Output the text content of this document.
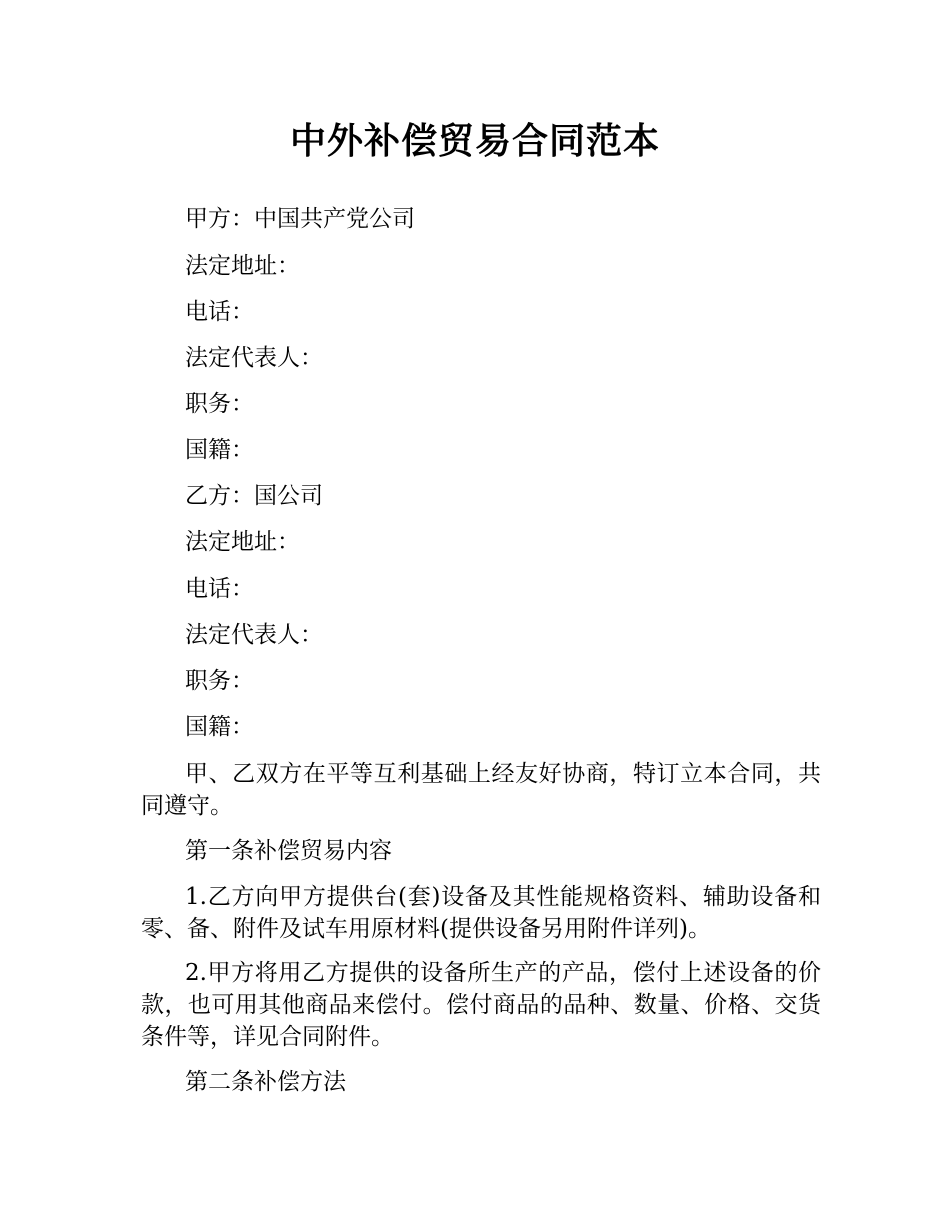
中外补偿贸易合同范本
甲方：中国共产党公司
法定地址：
电话：
法定代表人：
职务：
国籍：
乙方：国公司
法定地址：
电话：
法定代表人：
职务：
国籍：
甲、乙双方在平等互利基础上经友好协商，特订立本合同，共同遵守。
第一条补偿贸易内容
1.乙方向甲方提供台(套)设备及其性能规格资料、辅助设备和零、备、附件及试车用原材料(提供设备另用附件详列)。
2.甲方将用乙方提供的设备所生产的产品，偿付上述设备的价款，也可用其他商品来偿付。偿付商品的品种、数量、价格、交货条件等，详见合同附件。
第二条补偿方法
